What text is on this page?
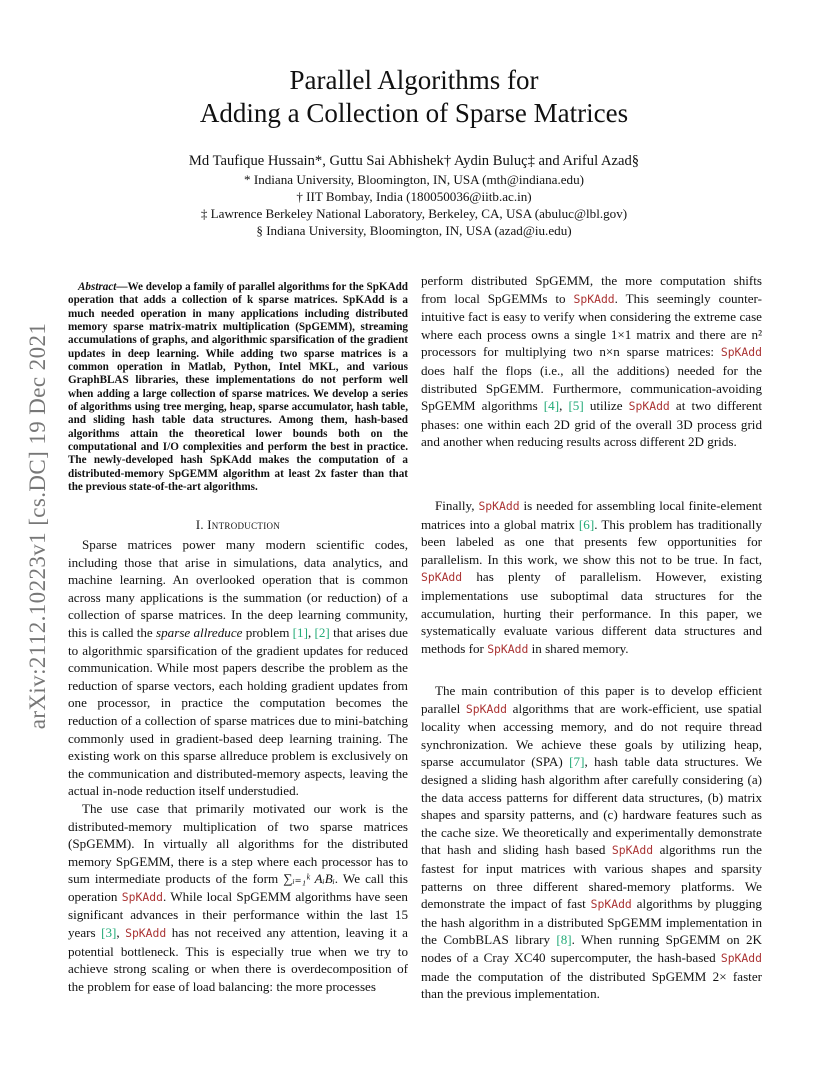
arXiv:2112.10223v1 [cs.DC] 19 Dec 2021
Parallel Algorithms for
Adding a Collection of Sparse Matrices
Md Taufique Hussain*, Guttu Sai Abhishek† Aydin Buluç‡ and Ariful Azad§
* Indiana University, Bloomington, IN, USA (mth@indiana.edu)
† IIT Bombay, India (180050036@iitb.ac.in)
‡ Lawrence Berkeley National Laboratory, Berkeley, CA, USA (abuluc@lbl.gov)
§ Indiana University, Bloomington, IN, USA (azad@iu.edu)

Abstract—We develop a family of parallel algorithms for the SpKAdd operation that adds a collection of k sparse matrices. SpKAdd is a much needed operation in many applications including distributed memory sparse matrix-matrix multiplication (SpGEMM), streaming accumulations of graphs, and algorithmic sparsification of the gradient updates in deep learning. While adding two sparse matrices is a common operation in Matlab, Python, Intel MKL, and various GraphBLAS libraries, these implementations do not perform well when adding a large collection of sparse matrices. We develop a series of algorithms using tree merging, heap, sparse accumulator, hash table, and sliding hash table data structures. Among them, hash-based algorithms attain the theoretical lower bounds both on the computational and I/O complexities and perform the best in practice. The newly-developed hash SpKAdd makes the computation of a distributed-memory SpGEMM algorithm at least 2x faster than that the previous state-of-the-art algorithms.

I. Introduction

Sparse matrices power many modern scientific codes, including those that arise in simulations, data analytics, and machine learning. An overlooked operation that is common across many applications is the summation (or reduction) of a collection of sparse matrices. In the deep learning community, this is called the sparse allreduce problem [1], [2] that arises due to algorithmic sparsification of the gradient updates for reduced communication. While most papers describe the problem as the reduction of sparse vectors, each holding gradient updates from one processor, in practice the computation becomes the reduction of a collection of sparse matrices due to mini-batching commonly used in gradient-based deep learning training. The existing work on this sparse allreduce problem is exclusively on the communication and distributed-memory aspects, leaving the actual in-node reduction itself understudied.

The use case that primarily motivated our work is the distributed-memory multiplication of two sparse matrices (SpGEMM). In virtually all algorithms for the distributed memory SpGEMM, there is a step where each processor has to sum intermediate products of the form ∑ᵢ₌₁ᵏ AᵢBᵢ. We call this operation SpKAdd. While local SpGEMM algorithms have seen significant advances in their performance within the last 15 years [3], SpKAdd has not received any attention, leaving it a potential bottleneck. This is especially true when we try to achieve strong scaling or when there is overdecomposition of the problem for ease of load balancing: the more processes

perform distributed SpGEMM, the more computation shifts from local SpGEMMs to SpKAdd. This seemingly counter-intuitive fact is easy to verify when considering the extreme case where each process owns a single 1×1 matrix and there are n² processors for multiplying two n×n sparse matrices: SpKAdd does half the flops (i.e., all the additions) needed for the distributed SpGEMM. Furthermore, communication-avoiding SpGEMM algorithms [4], [5] utilize SpKAdd at two different phases: one within each 2D grid of the overall 3D process grid and another when reducing results across different 2D grids.

Finally, SpKAdd is needed for assembling local finite-element matrices into a global matrix [6]. This problem has traditionally been labeled as one that presents few opportunities for parallelism. In this work, we show this not to be true. In fact, SpKAdd has plenty of parallelism. However, existing implementations use suboptimal data structures for the accumulation, hurting their performance. In this paper, we systematically evaluate various different data structures and methods for SpKAdd in shared memory.

The main contribution of this paper is to develop efficient parallel SpKAdd algorithms that are work-efficient, use spatial locality when accessing memory, and do not require thread synchronization. We achieve these goals by utilizing heap, sparse accumulator (SPA) [7], hash table data structures. We designed a sliding hash algorithm after carefully considering (a) the data access patterns for different data structures, (b) matrix shapes and sparsity patterns, and (c) hardware features such as the cache size. We theoretically and experimentally demonstrate that hash and sliding hash based SpKAdd algorithms run the fastest for input matrices with various shapes and sparsity patterns on three different shared-memory platforms. We demonstrate the impact of fast SpKAdd algorithms by plugging the hash algorithm in a distributed SpGEMM implementation in the CombBLAS library [8]. When running SpGEMM on 2K nodes of a Cray XC40 supercomputer, the hash-based SpKAdd made the computation of the distributed SpGEMM 2× faster than the previous implementation.
